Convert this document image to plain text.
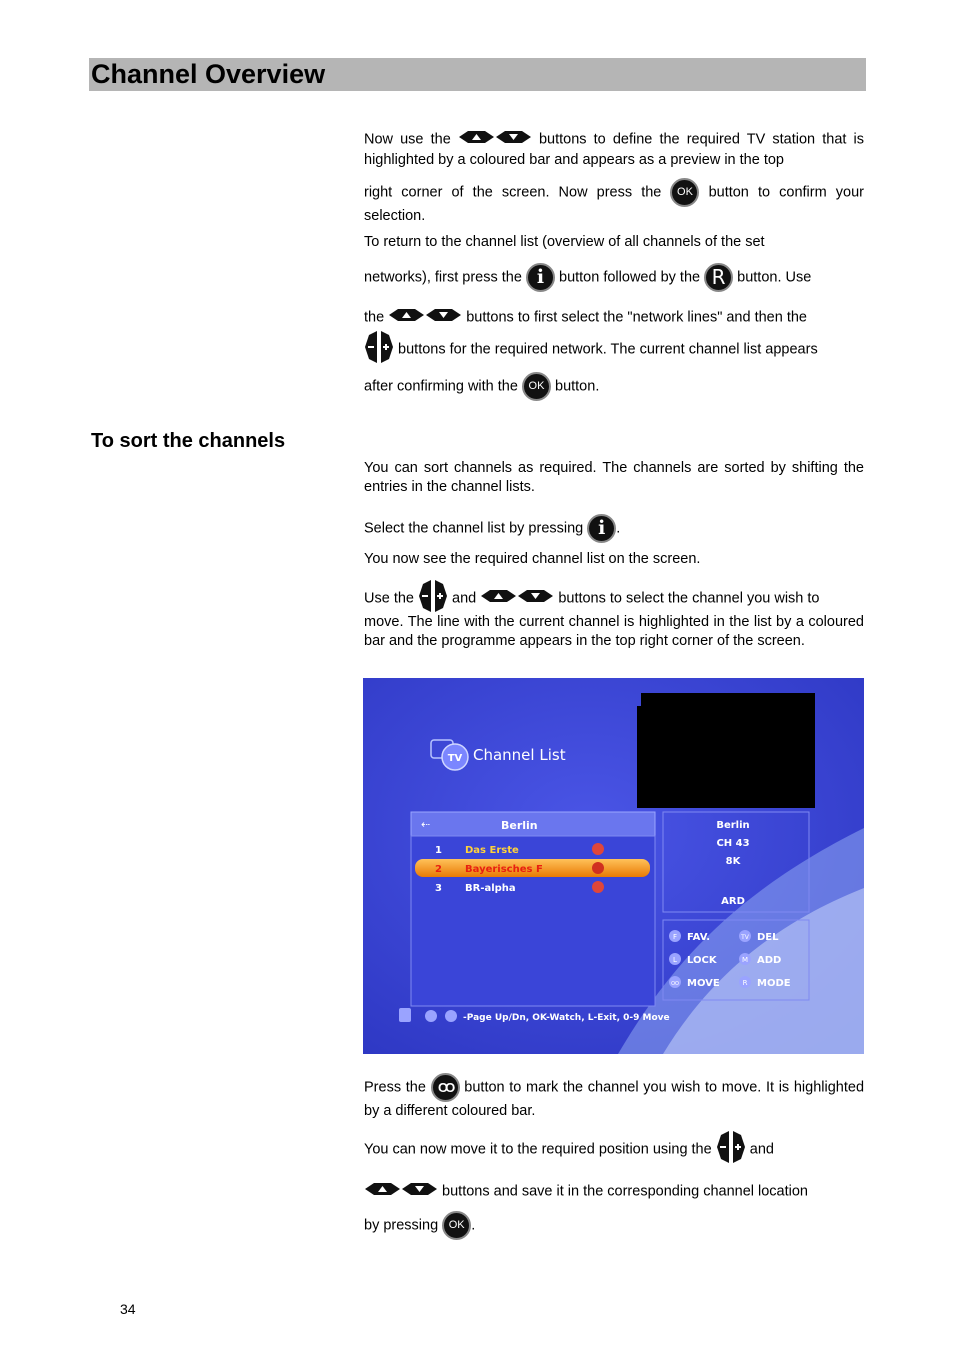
Channel Overview
Now use the	buttons to define the required TV station that is highlighted by a coloured bar and appears as a preview in the top
right corner of the screen. Now press the OK button to confirm your selection.
To return to the channel list (overview of all channels of the set
networks), first press the i button followed by the R button. Use
the	buttons to first select the "network lines" and then the
buttons for the required network. The current channel list appears
after confirming with the OK button.
To sort the channels
You can sort channels as required. The channels are sorted by shifting the entries in the channel lists.
Select the channel list by pressing i .
You now see the required channel list on the screen.
Use the	and	buttons to select the channel you wish to
move. The line with the current channel is highlighted in the list by a coloured bar and the programme appears in the top right corner of the screen.
TV Channel List
⇠	Berlin
1 Das Erste
2 Bayerisches F
3 BR-alpha
Berlin
CH 43
8K
ARD
F FAV.	TV DEL
L LOCK	M ADD
OO MOVE	R MODE
-Page Up/Dn, OK-Watch, L-Exit, 0-9 Move
Press the OO button to mark the channel you wish to move. It is highlighted by a different coloured bar.
You can now move it to the required position using the	and
buttons and save it in the corresponding channel location
by pressing OK .
34
